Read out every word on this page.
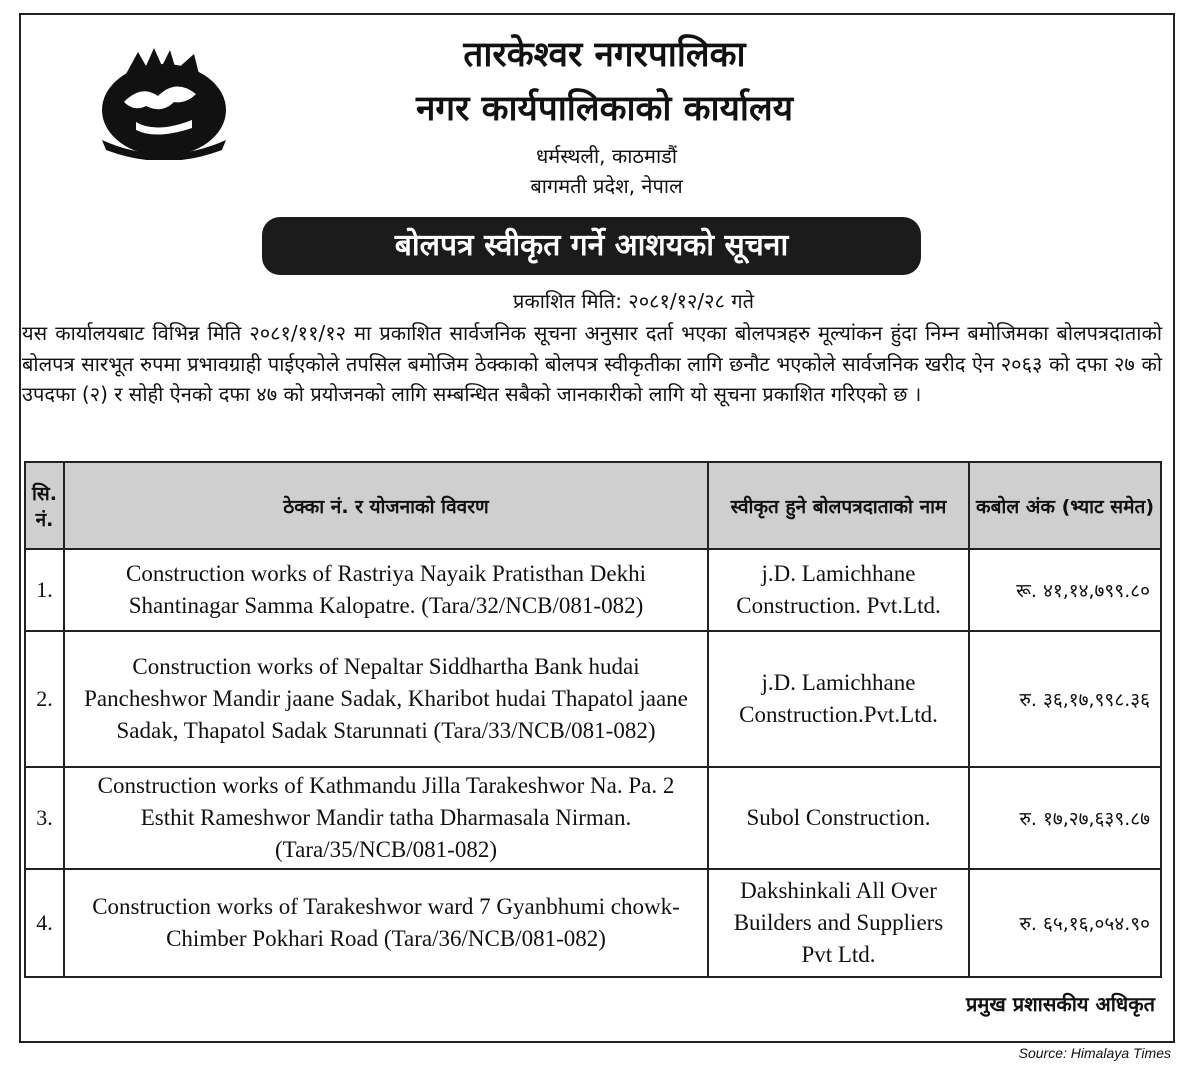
तारकेश्वर नगरपालिका
नगर कार्यपालिकाको कार्यालय
धर्मस्थली, काठमाडौं
बागमती प्रदेश, नेपाल
बोलपत्र स्वीकृत गर्ने आशयको सूचना
प्रकाशित मिति: २०८१/१२/२८ गते
यस कार्यालयबाट विभिन्न मिति २०८१/११/१२ मा प्रकाशित सार्वजनिक सूचना अनुसार दर्ता भएका बोलपत्रहरु मूल्यांकन हुंदा निम्न बमोजिमका बोलपत्रदाताको बोलपत्र सारभूत रुपमा प्रभावग्राही पाईएकोले तपसिल बमोजिम ठेक्काको बोलपत्र स्वीकृतीका लागि छनौट भएकोले सार्वजनिक खरीद ऐन २०६३ को दफा २७ को उपदफा (२) र सोही ऐनको दफा ४७ को प्रयोजनको लागि सम्बन्धित सबैको जानकारीको लागि यो सूचना प्रकाशित गरिएको छ ।
सि. नं.	ठेक्का नं. र योजनाको विवरण	स्वीकृत हुने बोलपत्रदाताको नाम	कबोल अंक (भ्याट समेत)
1.	Construction works of Rastriya Nayaik Pratisthan Dekhi Shantinagar Samma Kalopatre. (Tara/32/NCB/081-082)	j.D. Lamichhane Construction. Pvt.Ltd.	रू. ४१,१४,७९९.८०
2.	Construction works of Nepaltar Siddhartha Bank hudai Pancheshwor Mandir jaane Sadak, Kharibot hudai Thapatol jaane Sadak, Thapatol Sadak Starunnati (Tara/33/NCB/081-082)	j.D. Lamichhane Construction.Pvt.Ltd.	रु. ३६,१७,९९८.३६
3.	Construction works of Kathmandu Jilla Tarakeshwor Na. Pa. 2 Esthit Rameshwor Mandir tatha Dharmasala Nirman. (Tara/35/NCB/081-082)	Subol Construction.	रु. १७,२७,६३९.८७
4.	Construction works of Tarakeshwor ward 7 Gyanbhumi chowk- Chimber Pokhari Road (Tara/36/NCB/081-082)	Dakshinkali All Over Builders and Suppliers Pvt Ltd.	रु. ६५,१६,०५४.९०
प्रमुख प्रशासकीय अधिकृत
Source: Himalaya Times
